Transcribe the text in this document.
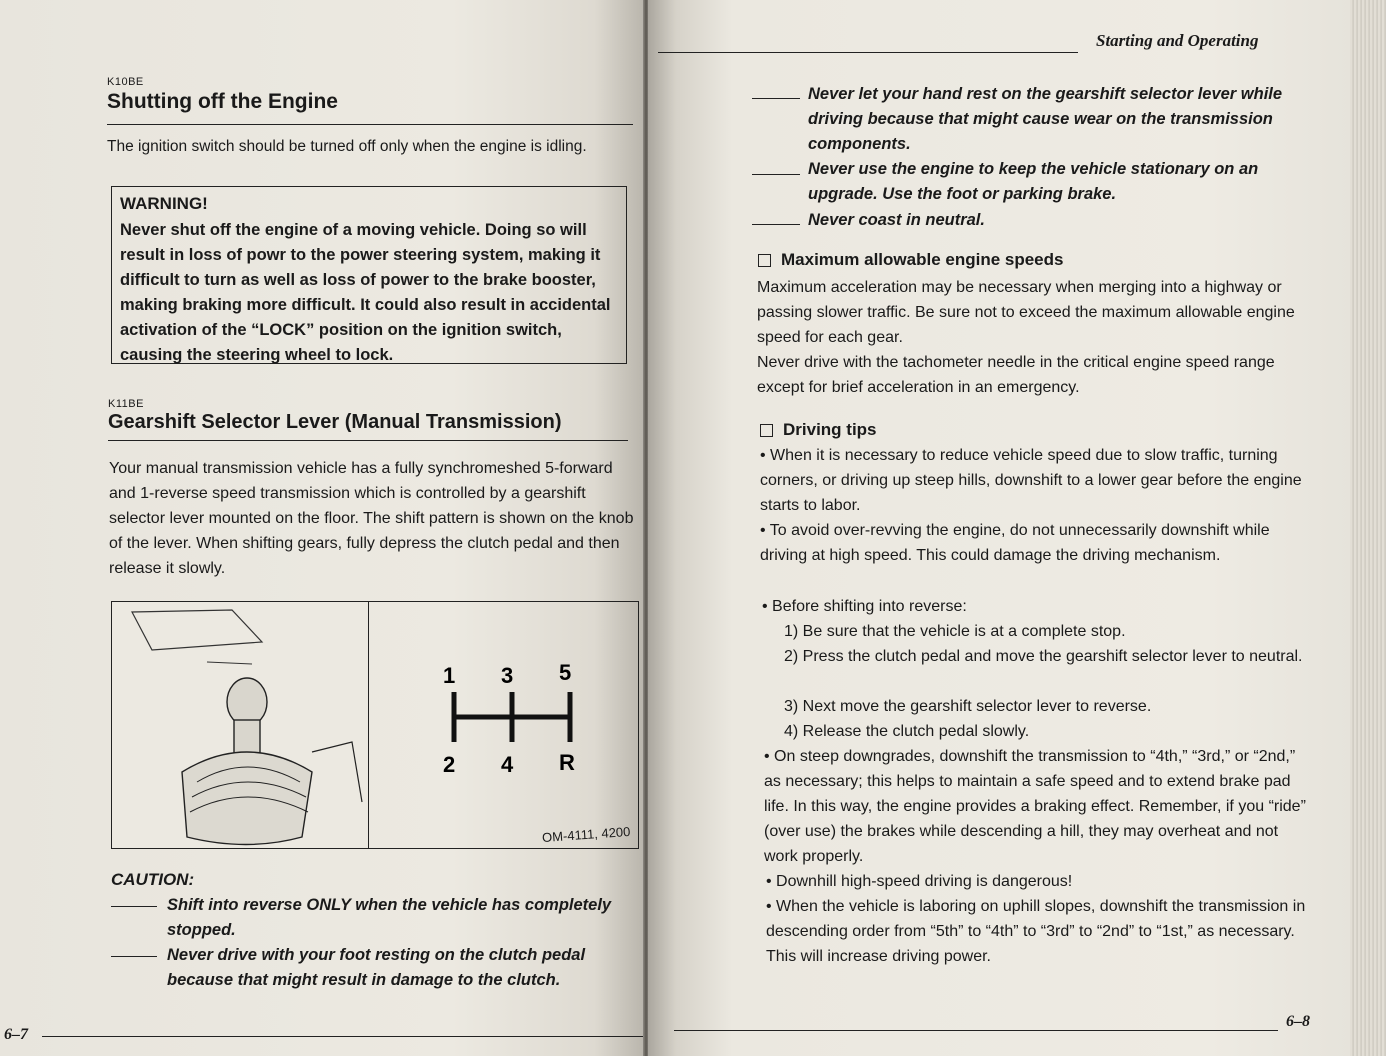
K10BE
Shutting off the Engine
The ignition switch should be turned off only when the engine is idling.
WARNING!
Never shut off the engine of a moving vehicle. Doing so will result in loss of powr to the power steering system, making it difficult to turn as well as loss of power to the brake booster, making braking more difficult. It could also result in accidental activation of the “LOCK” position on the ignition switch, causing the steering wheel to lock.
K11BE
Gearshift Selector Lever (Manual Transmission)
Your manual transmission vehicle has a fully synchromeshed 5-forward and 1-reverse speed transmission which is controlled by a gearshift selector lever mounted on the floor. The shift pattern is shown on the knob of the lever. When shifting gears, fully depress the clutch pedal and then release it slowly.
1 3 5
2 4 R
OM-4111, 4200
CAUTION:
Shift into reverse ONLY when the vehicle has completely stopped.
Never drive with your foot resting on the clutch pedal because that might result in damage to the clutch.
6–7
Starting and Operating
Never let your hand rest on the gearshift selector lever while driving because that might cause wear on the transmission components.
Never use the engine to keep the vehicle stationary on an upgrade. Use the foot or parking brake.
Never coast in neutral.
Maximum allowable engine speeds
Maximum acceleration may be necessary when merging into a highway or passing slower traffic. Be sure not to exceed the maximum allowable engine speed for each gear.
Never drive with the tachometer needle in the critical engine speed range except for brief acceleration in an emergency.
Driving tips
• When it is necessary to reduce vehicle speed due to slow traffic, turning corners, or driving up steep hills, downshift to a lower gear before the engine starts to labor.
• To avoid over-revving the engine, do not unnecessarily downshift while driving at high speed. This could damage the driving mechanism.
• Before shifting into reverse:
1) Be sure that the vehicle is at a complete stop.
2) Press the clutch pedal and move the gearshift selector lever to neutral.
3) Next move the gearshift selector lever to reverse.
4) Release the clutch pedal slowly.
• On steep downgrades, downshift the transmission to “4th,” “3rd,” or “2nd,” as necessary; this helps to maintain a safe speed and to extend brake pad life. In this way, the engine provides a braking effect. Remember, if you “ride” (over use) the brakes while descending a hill, they may overheat and not work properly.
• Downhill high-speed driving is dangerous!
• When the vehicle is laboring on uphill slopes, downshift the transmission in descending order from “5th” to “4th” to “3rd” to “2nd” to “1st,” as necessary. This will increase driving power.
6–8
